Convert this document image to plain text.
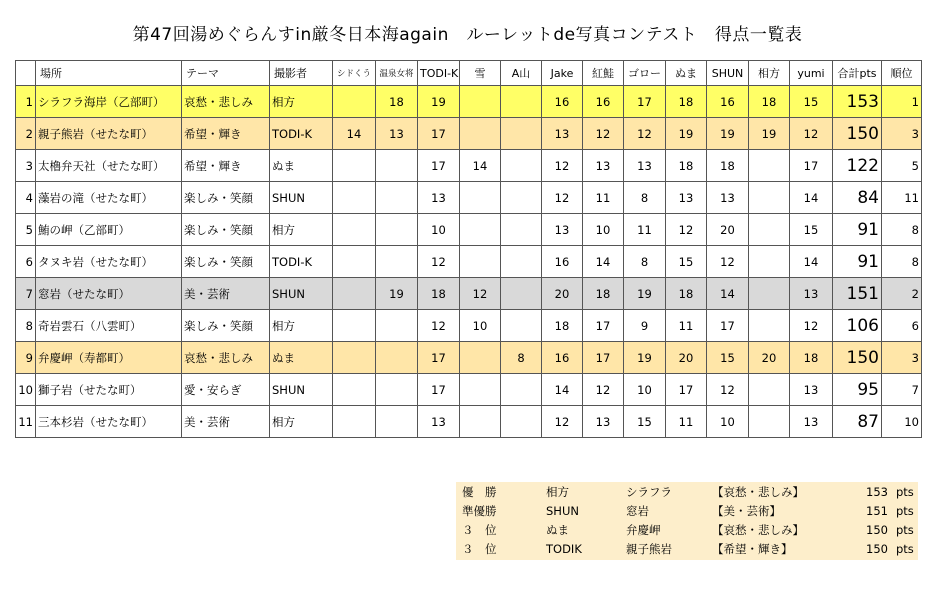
第47回湯めぐらんすin厳冬日本海again　ルーレットde写真コンテスト　得点一覧表
	場所	テーマ	撮影者	シドくう	温泉女将	TODI-K	雪	A山	Jake	紅鮭	ゴロー	ぬま	SHUN	相方	yumi	合計pts	順位
1	シラフラ海岸（乙部町）	哀愁・悲しみ	相方		18	19			16	16	17	18	16	18	15	153	1
2	親子熊岩（せたな町）	希望・輝き	TODI-K	14	13	17			13	12	12	19	19	19	12	150	3
3	太櫓弁天社（せたな町）	希望・輝き	ぬま			17	14		12	13	13	18	18		17	122	5
4	藻岩の滝（せたな町）	楽しみ・笑顔	SHUN			13			12	11	8	13	13		14	84	11
5	鮪の岬（乙部町）	楽しみ・笑顔	相方			10			13	10	11	12	20		15	91	8
6	タヌキ岩（せたな町）	楽しみ・笑顔	TODI-K			12			16	14	8	15	12		14	91	8
7	窓岩（せたな町）	美・芸術	SHUN		19	18	12		20	18	19	18	14		13	151	2
8	奇岩雲石（八雲町）	楽しみ・笑顔	相方			12	10		18	17	9	11	17		12	106	6
9	弁慶岬（寿都町）	哀愁・悲しみ	ぬま			17		8	16	17	19	20	15	20	18	150	3
10	獅子岩（せたな町）	愛・安らぎ	SHUN			17			14	12	10	17	12		13	95	7
11	三本杉岩（せたな町）	美・芸術	相方			13			12	13	15	11	10		13	87	10
優　勝	相方	シラフラ	【哀愁・悲しみ】	153	pts
準優勝	SHUN	窓岩	【美・芸術】	151	pts
３　位	ぬま	弁慶岬	【哀愁・悲しみ】	150	pts
３　位	TODIK	親子熊岩	【希望・輝き】	150	pts
